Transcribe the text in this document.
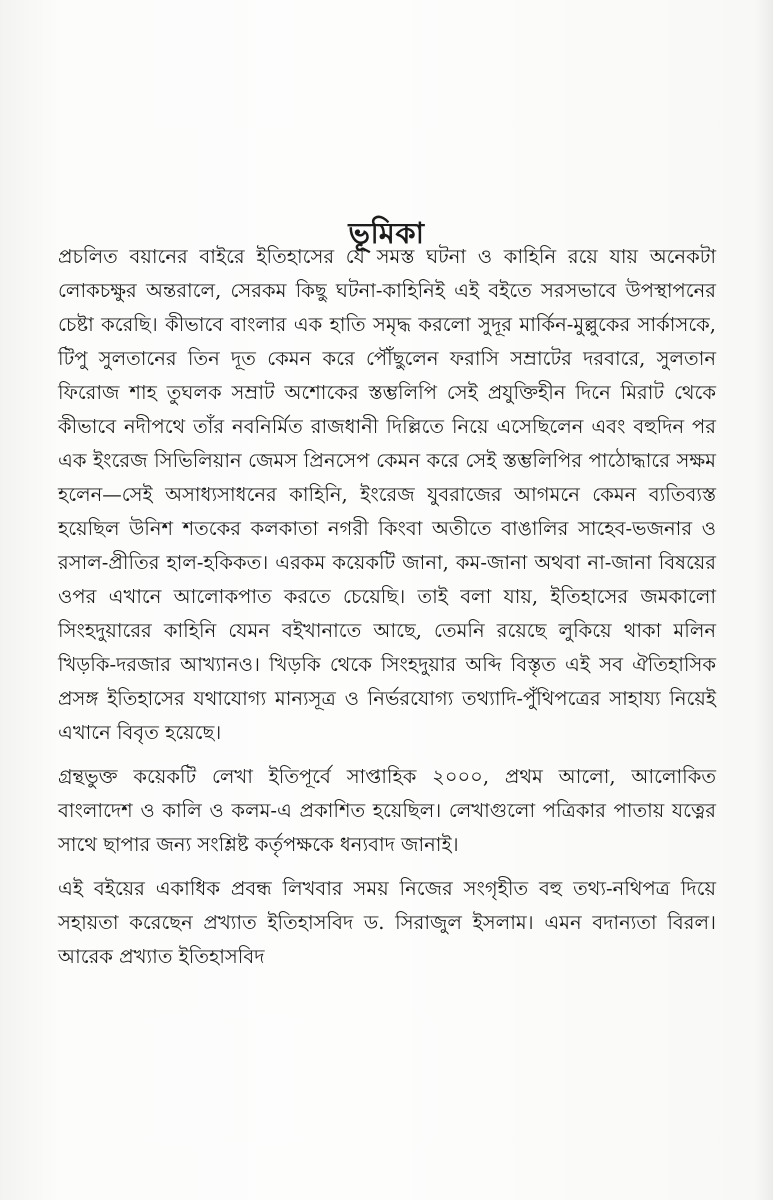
ভূমিকা

প্রচলিত বয়ানের বাইরে ইতিহাসের যে সমস্ত ঘটনা ও কাহিনি রয়ে যায় অনেকটা লোকচক্ষুর অন্তরালে, সেরকম কিছু ঘটনা-কাহিনিই এই বইতে সরসভাবে উপস্থাপনের চেষ্টা করেছি। কীভাবে বাংলার এক হাতি সমৃদ্ধ করলো সুদূর মার্কিন-মুল্লুকের সার্কাসকে, টিপু সুলতানের তিন দূত কেমন করে পৌঁছুলেন ফরাসি সম্রাটের দরবারে, সুলতান ফিরোজ শাহ তুঘলক সম্রাট অশোকের স্তম্ভলিপি সেই প্রযুক্তিহীন দিনে মিরাট থেকে কীভাবে নদীপথে তাঁর নবনির্মিত রাজধানী দিল্লিতে নিয়ে এসেছিলেন এবং বহুদিন পর এক ইংরেজ সিভিলিয়ান জেমস প্রিনসেপ কেমন করে সেই স্তম্ভলিপির পাঠোদ্ধারে সক্ষম হলেন—সেই অসাধ্যসাধনের কাহিনি, ইংরেজ যুবরাজের আগমনে কেমন ব্যতিব্যস্ত হয়েছিল উনিশ শতকের কলকাতা নগরী কিংবা অতীতে বাঙালির সাহেব-ভজনার ও রসাল-প্রীতির হাল-হকিকত। এরকম কয়েকটি জানা, কম-জানা অথবা না-জানা বিষয়ের ওপর এখানে আলোকপাত করতে চেয়েছি। তাই বলা যায়, ইতিহাসের জমকালো সিংহদুয়ারের কাহিনি যেমন বইখানাতে আছে, তেমনি রয়েছে লুকিয়ে থাকা মলিন খিড়কি-দরজার আখ্যানও। খিড়কি থেকে সিংহদুয়ার অব্দি বিস্তৃত এই সব ঐতিহাসিক প্রসঙ্গ ইতিহাসের যথাযোগ্য মান্যসূত্র ও নির্ভরযোগ্য তথ্যাদি-পুঁথিপত্রের সাহায্য নিয়েই এখানে বিবৃত হয়েছে।

গ্রন্থভুক্ত কয়েকটি লেখা ইতিপূর্বে সাপ্তাহিক ২০০০, প্রথম আলো, আলোকিত বাংলাদেশ ও কালি ও কলম-এ প্রকাশিত হয়েছিল। লেখাগুলো পত্রিকার পাতায় যত্নের সাথে ছাপার জন্য সংশ্লিষ্ট কর্তৃপক্ষকে ধন্যবাদ জানাই।

এই বইয়ের একাধিক প্রবন্ধ লিখবার সময় নিজের সংগৃহীত বহু তথ্য-নথিপত্র দিয়ে সহায়তা করেছেন প্রখ্যাত ইতিহাসবিদ ড. সিরাজুল ইসলাম। এমন বদান্যতা বিরল। আরেক প্রখ্যাত ইতিহাসবিদ
